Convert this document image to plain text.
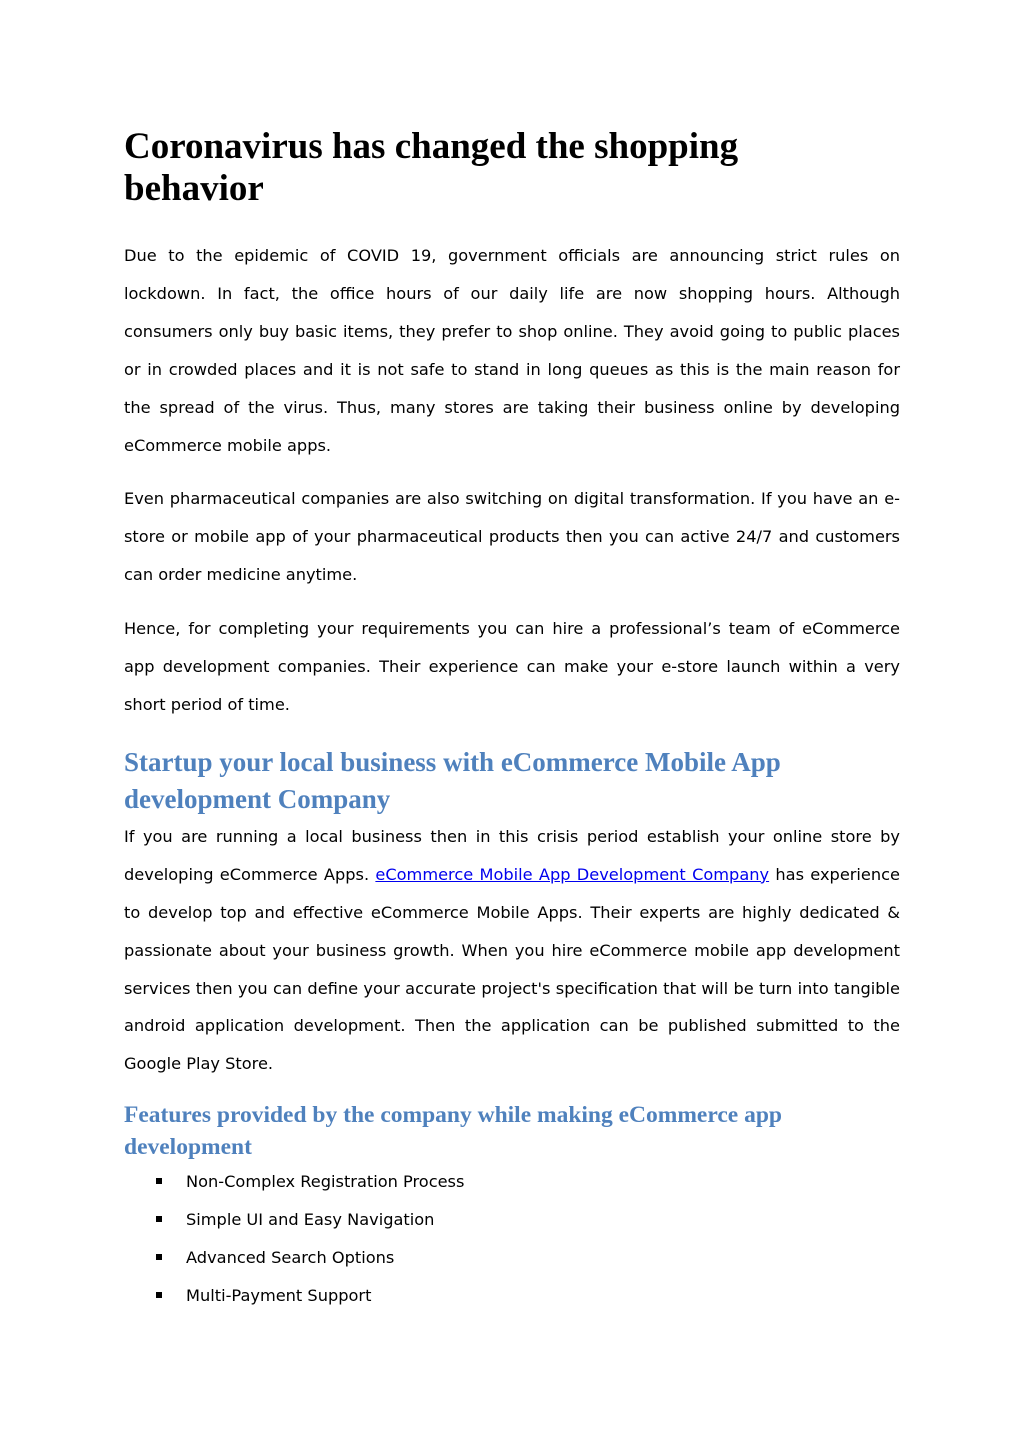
Coronavirus has changed the shopping behavior

Due to the epidemic of COVID 19, government officials are announcing strict rules on lockdown. In fact, the office hours of our daily life are now shopping hours. Although consumers only buy basic items, they prefer to shop online. They avoid going to public places or in crowded places and it is not safe to stand in long queues as this is the main reason for the spread of the virus. Thus, many stores are taking their business online by developing eCommerce mobile apps.

Even pharmaceutical companies are also switching on digital transformation. If you have an e-store or mobile app of your pharmaceutical products then you can active 24/7 and customers can order medicine anytime.

Hence, for completing your requirements you can hire a professional’s team of eCommerce app development companies. Their experience can make your e-store launch within a very short period of time.

Startup your local business with eCommerce Mobile App development Company

If you are running a local business then in this crisis period establish your online store by developing eCommerce Apps. eCommerce Mobile App Development Company has experience to develop top and effective eCommerce Mobile Apps. Their experts are highly dedicated & passionate about your business growth. When you hire eCommerce mobile app development services then you can define your accurate project's specification that will be turn into tangible android application development. Then the application can be published submitted to the Google Play Store.

Features provided by the company while making eCommerce app development
Non-Complex Registration Process
Simple UI and Easy Navigation
Advanced Search Options
Multi-Payment Support
